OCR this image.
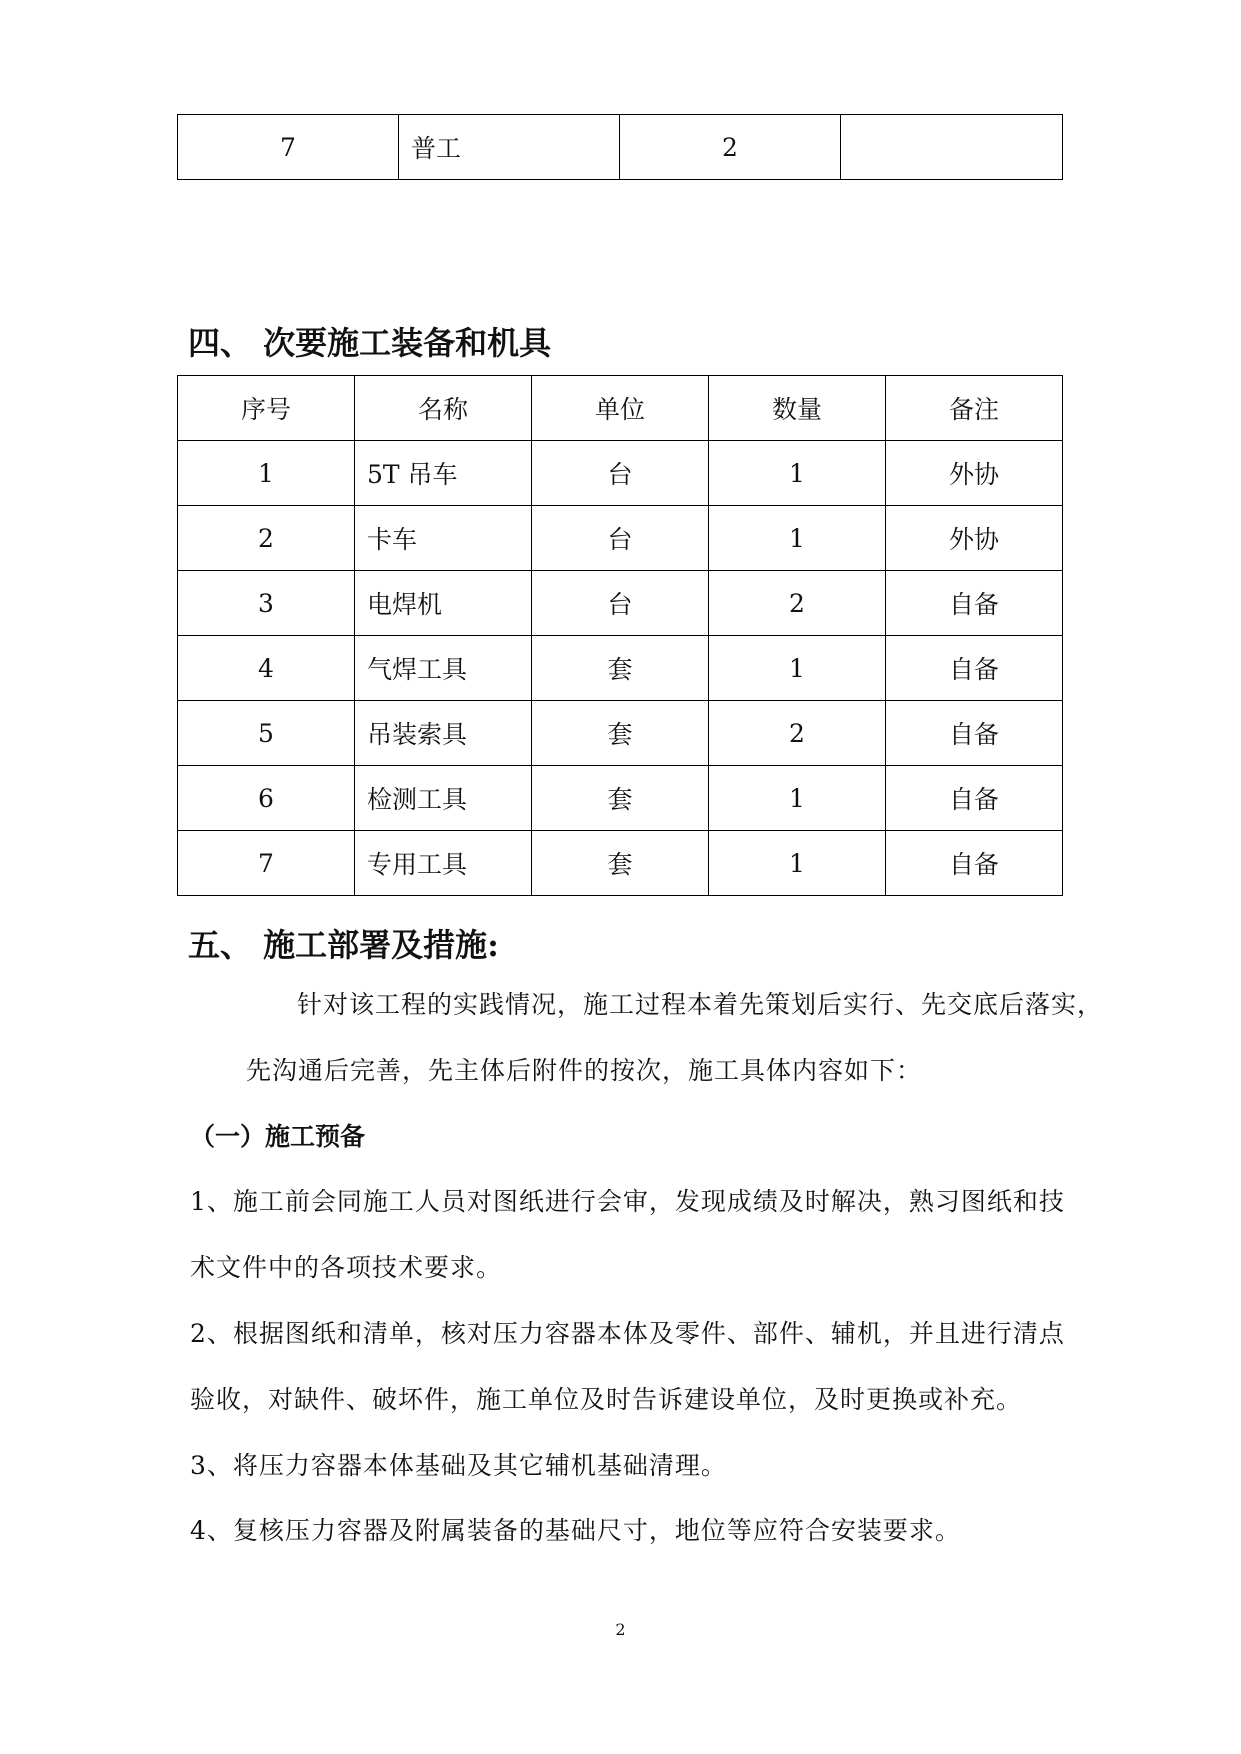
7	普工	2	
四、 次要施工装备和机具
序号	名称	单位	数量	备注
1	5T 吊车	台	1	外协
2	卡车	台	1	外协
3	电焊机	台	2	自备
4	气焊工具	套	1	自备
5	吊装索具	套	2	自备
6	检测工具	套	1	自备
7	专用工具	套	1	自备
五、 施工部署及措施:

针对该工程的实践情况，施工过程本着先策划后实行、先交底后落实，

先沟通后完善，先主体后附件的按次，施工具体内容如下：

（一）施工预备

1、施工前会同施工人员对图纸进行会审，发现成绩及时解决，熟习图纸和技

术文件中的各项技术要求。

2、根据图纸和清单，核对压力容器本体及零件、部件、辅机，并且进行清点

验收，对缺件、破坏件，施工单位及时告诉建设单位，及时更换或补充。

3、将压力容器本体基础及其它辅机基础清理。

4、复核压力容器及附属装备的基础尺寸，地位等应符合安装要求。

2
